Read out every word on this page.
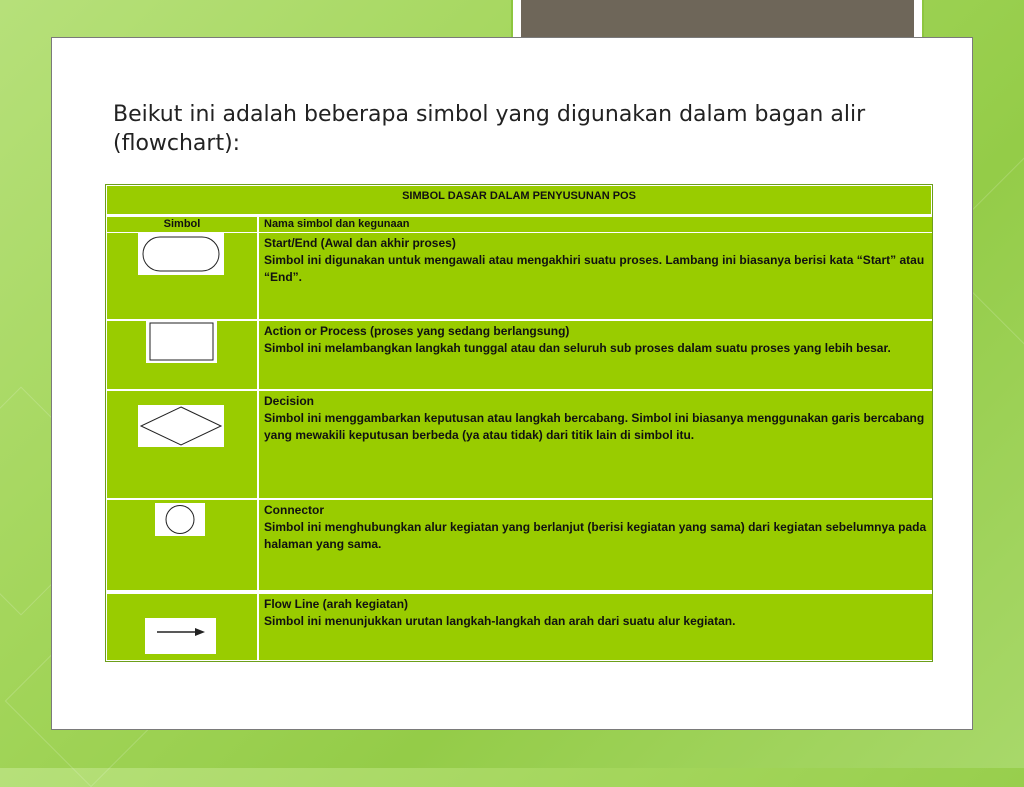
Beikut ini adalah beberapa simbol yang digunakan dalam bagan alir (flowchart):
SIMBOL DASAR DALAM PENYUSUNAN POS
Simbol	Nama simbol dan kegunaan
Start/End (Awal dan akhir proses)
Simbol ini digunakan untuk mengawali atau mengakhiri suatu proses. Lambang ini biasanya berisi kata “Start” atau “End”.
Action or Process (proses yang sedang berlangsung)
Simbol ini melambangkan langkah tunggal atau dan seluruh sub proses dalam suatu proses yang lebih besar.
Decision
Simbol ini menggambarkan keputusan atau langkah bercabang. Simbol ini biasanya menggunakan garis bercabang yang mewakili keputusan berbeda (ya atau tidak) dari titik lain di simbol itu.
Connector
Simbol ini menghubungkan alur kegiatan yang berlanjut (berisi kegiatan yang sama) dari kegiatan sebelumnya pada halaman yang sama.
Flow Line (arah kegiatan)
Simbol ini menunjukkan urutan langkah-langkah dan arah dari suatu alur kegiatan.
